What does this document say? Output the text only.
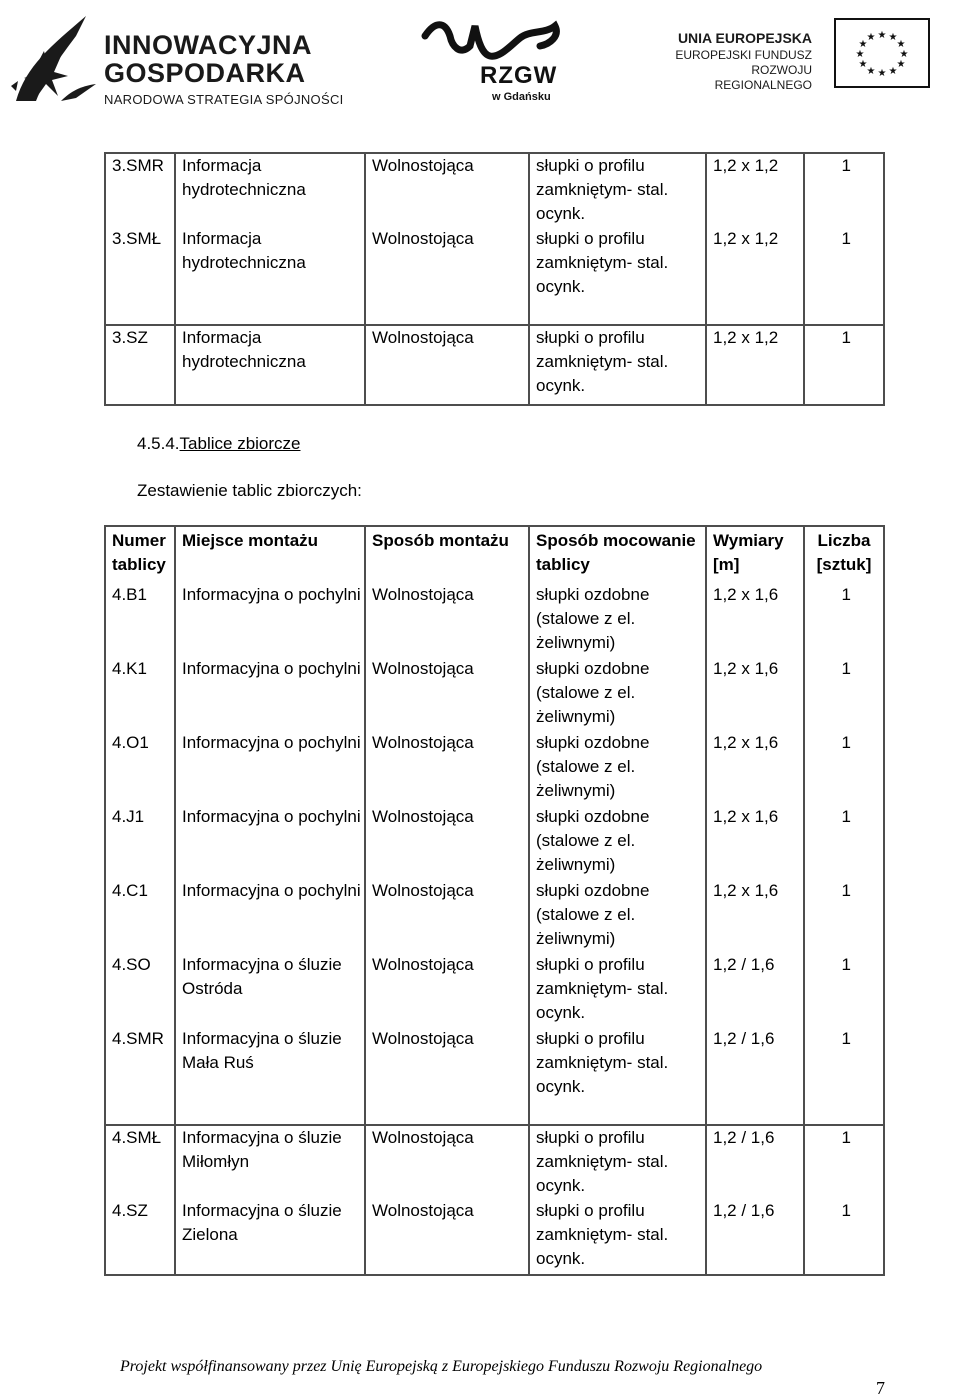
INNOWACYJNA
GOSPODARKA
NARODOWA STRATEGIA SPÓJNOŚCI
RZGW
w Gdańsku
UNIA EUROPEJSKA
EUROPEJSKI FUNDUSZ
ROZWOJU REGIONALNEGO
★ ★
★
★
★
★
★
★
★
★
★
★
3.SMR	Informacja hydrotechniczna	Wolnostojąca	słupki o profilu zamkniętym- stal. ocynk.	1,2 x 1,2	1
3.SMŁ	Informacja hydrotechniczna	Wolnostojąca	słupki o profilu zamkniętym- stal. ocynk.	1,2 x 1,2	1
3.SZ	Informacja hydrotechniczna	Wolnostojąca	słupki o profilu zamkniętym- stal. ocynk.	1,2 x 1,2	1
4.5.4.Tablice zbiorcze
Zestawienie tablic zbiorczych:
Numer tablicy	Miejsce montażu	Sposób montażu	Sposób mocowanie tablicy	Wymiary [m]	Liczba [sztuk]
4.B1	Informacyjna o pochylni	Wolnostojąca	słupki ozdobne (stalowe z el. żeliwnymi)	1,2 x 1,6	1
4.K1	Informacyjna o pochylni	Wolnostojąca	słupki ozdobne (stalowe z el. żeliwnymi)	1,2 x 1,6	1
4.O1	Informacyjna o pochylni	Wolnostojąca	słupki ozdobne (stalowe z el. żeliwnymi)	1,2 x 1,6	1
4.J1	Informacyjna o pochylni	Wolnostojąca	słupki ozdobne (stalowe z el. żeliwnymi)	1,2 x 1,6	1
4.C1	Informacyjna o pochylni	Wolnostojąca	słupki ozdobne (stalowe z el. żeliwnymi)	1,2 x 1,6	1
4.SO	Informacyjna o śluzie Ostróda	Wolnostojąca	słupki o profilu zamkniętym- stal. ocynk.	1,2 / 1,6	1
4.SMR	Informacyjna o śluzie Mała Ruś	Wolnostojąca	słupki o profilu zamkniętym- stal. ocynk.	1,2 / 1,6	1
4.SMŁ	Informacyjna o śluzie Miłomłyn	Wolnostojąca	słupki o profilu zamkniętym- stal. ocynk.	1,2 / 1,6	1
4.SZ	Informacyjna o śluzie Zielona	Wolnostojąca	słupki o profilu zamkniętym- stal. ocynk.	1,2 / 1,6	1
Projekt współfinansowany przez Unię Europejską z Europejskiego Funduszu Rozwoju Regionalnego
7
